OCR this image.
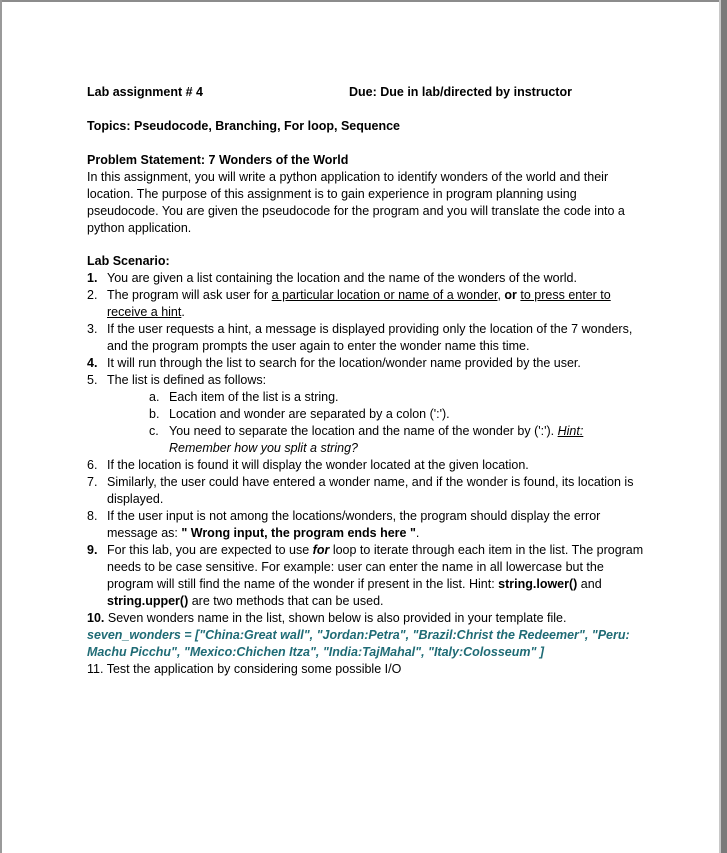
Lab assignment # 4	Due: Due in lab/directed by instructor

Topics: Pseudocode, Branching, For loop, Sequence

Problem Statement: 7 Wonders of the World

In this assignment, you will write a python application to identify wonders of the world and their location. The purpose of this assignment is to gain experience in program planning using pseudocode. You are given the pseudocode for the program and you will translate the code into a python application.

Lab Scenario:

1. You are given a list containing the location and the name of the wonders of the world.
2. The program will ask user for a particular location or name of a wonder, or to press enter to receive a hint.
3. If the user requests a hint, a message is displayed providing only the location of the 7 wonders, and the program prompts the user again to enter the wonder name this time.
4. It will run through the list to search for the location/wonder name provided by the user.
5. The list is defined as follows:
a. Each item of the list is a string.
b. Location and wonder are separated by a colon (':').
c. You need to separate the location and the name of the wonder by (':'). Hint: Remember how you split a string?
6. If the location is found it will display the wonder located at the given location.
7. Similarly, the user could have entered a wonder name, and if the wonder is found, its location is displayed.
8. If the user input is not among the locations/wonders, the program should display the error message as: " Wrong input, the program ends here ".
9. For this lab, you are expected to use for loop to iterate through each item in the list. The program needs to be case sensitive. For example: user can enter the name in all lowercase but the program will still find the name of the wonder if present in the list. Hint: string.lower() and string.upper() are two methods that can be used.
10. Seven wonders name in the list, shown below is also provided in your template file.

seven_wonders = ["China:Great wall", "Jordan:Petra", "Brazil:Christ the Redeemer", "Peru: Machu Picchu", "Mexico:Chichen Itza", "India:TajMahal", "Italy:Colosseum" ]

11. Test the application by considering some possible I/O
